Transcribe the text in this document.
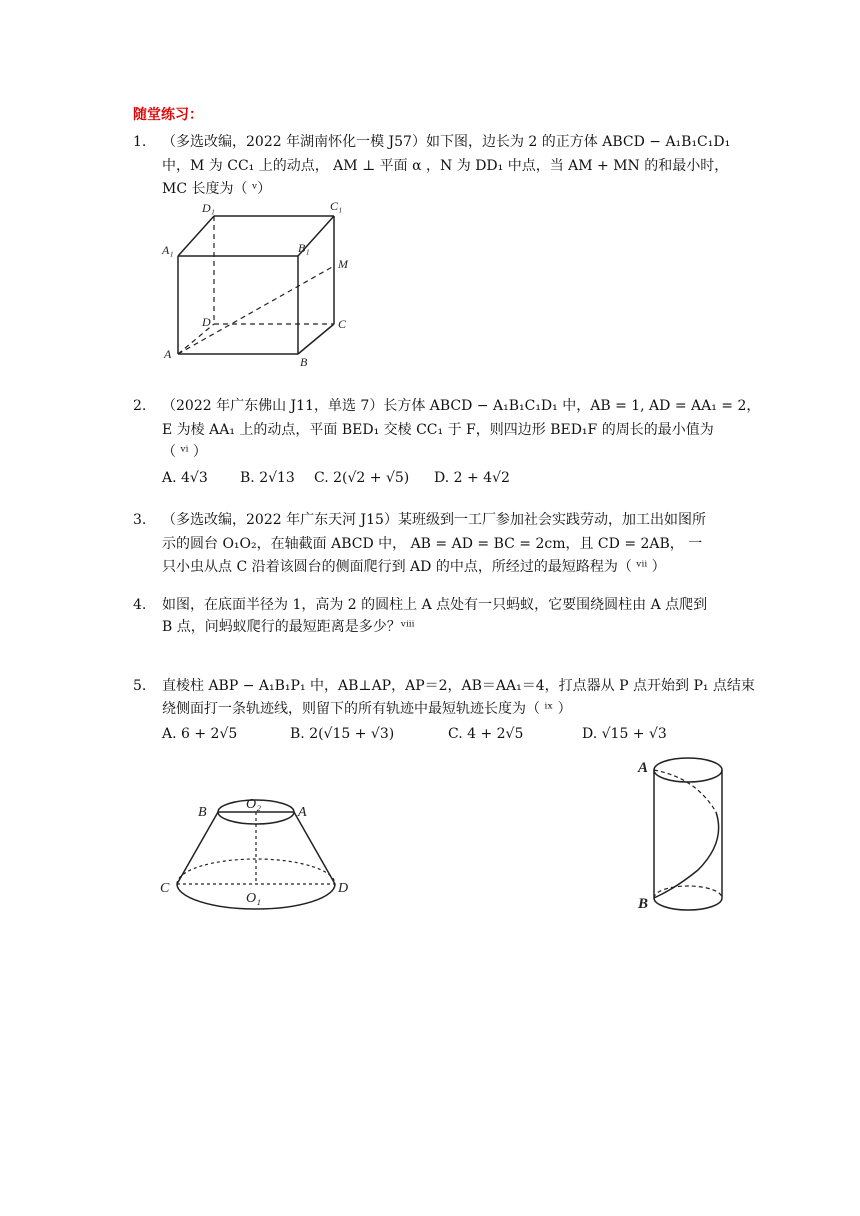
随堂练习：
1. （多选改编，2022 年湖南怀化一模 J57）如下图，边长为 2 的正方体 ABCD − A₁B₁C₁D₁
中，M 为 CC₁ 上的动点， AM ⊥ 平面 α ，N 为 DD₁ 中点，当 AM + MN 的和最小时，
MC 长度为（ ᵛ）
D₁	C₁
A₁	B₁
M
D	C
A
B
2. （2022 年广东佛山 J11，单选 7）长方体 ABCD − A₁B₁C₁D₁ 中，AB = 1, AD = AA₁ = 2，
E 为棱 AA₁ 上的动点，平面 BED₁ 交棱 CC₁ 于 F，则四边形 BED₁F 的周长的最小值为
（ ᵛⁱ ）
A. 4√3 B. 2√13 C. 2(√2 + √5) D. 2 + 4√2
3. （多选改编，2022 年广东天河 J15）某班级到一工厂参加社会实践劳动，加工出如图所
示的圆台 O₁O₂，在轴截面 ABCD 中， AB = AD = BC = 2cm，且 CD = 2AB， 一
只小虫从点 C 沿着该圆台的侧面爬行到 AD 的中点，所经过的最短路程为（ ᵛⁱⁱ ）
4. 如图，在底面半径为 1，高为 2 的圆柱上 A 点处有一只蚂蚁，它要围绕圆柱由 A 点爬到
B 点，问蚂蚁爬行的最短距离是多少？ᵛⁱⁱⁱ
5. 直棱柱 ABP − A₁B₁P₁ 中，AB⊥AP，AP＝2，AB＝AA₁＝4，打点器从 P 点开始到 P₁ 点结束
绕侧面打一条轨迹线，则留下的所有轨迹中最短轨迹长度为（ ⁱˣ ）
A. 6 + 2√5	B. 2(√15 + √3)	C. 4 + 2√5	D. √15 + √3
B
O₂
A
C
O₁
D
A
B
